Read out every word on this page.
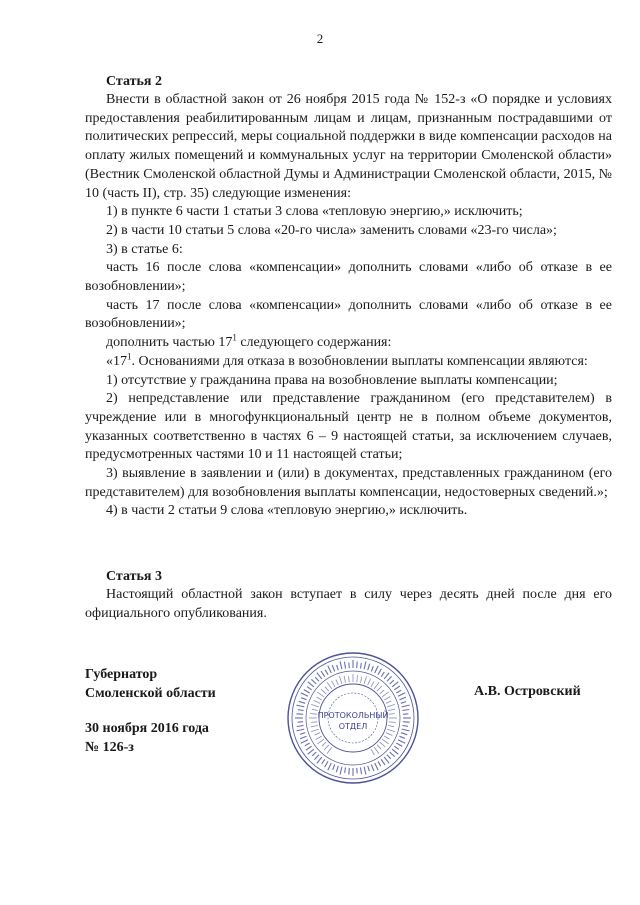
2
Статья 2

Внести в областной закон от 26 ноября 2015 года № 152-з «О порядке и условиях предоставления реабилитированным лицам и лицам, признанным пострадавшими от политических репрессий, меры социальной поддержки в виде компенсации расходов на оплату жилых помещений и коммунальных услуг на территории Смоленской области» (Вестник Смоленской областной Думы и Администрации Смоленской области, 2015, № 10 (часть II), стр. 35) следующие изменения:

1) в пункте 6 части 1 статьи 3 слова «тепловую энергию,» исключить;

2) в части 10 статьи 5 слова «20-го числа» заменить словами «23-го числа»;

3) в статье 6:

часть 16 после слова «компенсации» дополнить словами «либо об отказе в ее возобновлении»;

часть 17 после слова «компенсации» дополнить словами «либо об отказе в ее возобновлении»;

дополнить частью $17^1$ следующего содержания:

«$17^1$. Основаниями для отказа в возобновлении выплаты компенсации являются:

1) отсутствие у гражданина права на возобновление выплаты компенсации;

2) непредставление или представление гражданином (его представителем) в учреждение или в многофункциональный центр не в полном объеме документов, указанных соответственно в частях 6 – 9 настоящей статьи, за исключением случаев, предусмотренных частями 10 и 11 настоящей статьи;

3) выявление в заявлении и (или) в документах, представленных гражданином (его представителем) для возобновления выплаты компенсации, недостоверных сведений.»;

4) в части 2 статьи 9 слова «тепловую энергию,» исключить.

Статья 3

Настоящий областной закон вступает в силу через десять дней после дня его официального опубликования.

Губернатор
Смоленской области
30 ноября 2016 года
№ 126-з
А.В. Островский
ПРОТОКОЛЬНЫЙ
ОТДЕЛ
